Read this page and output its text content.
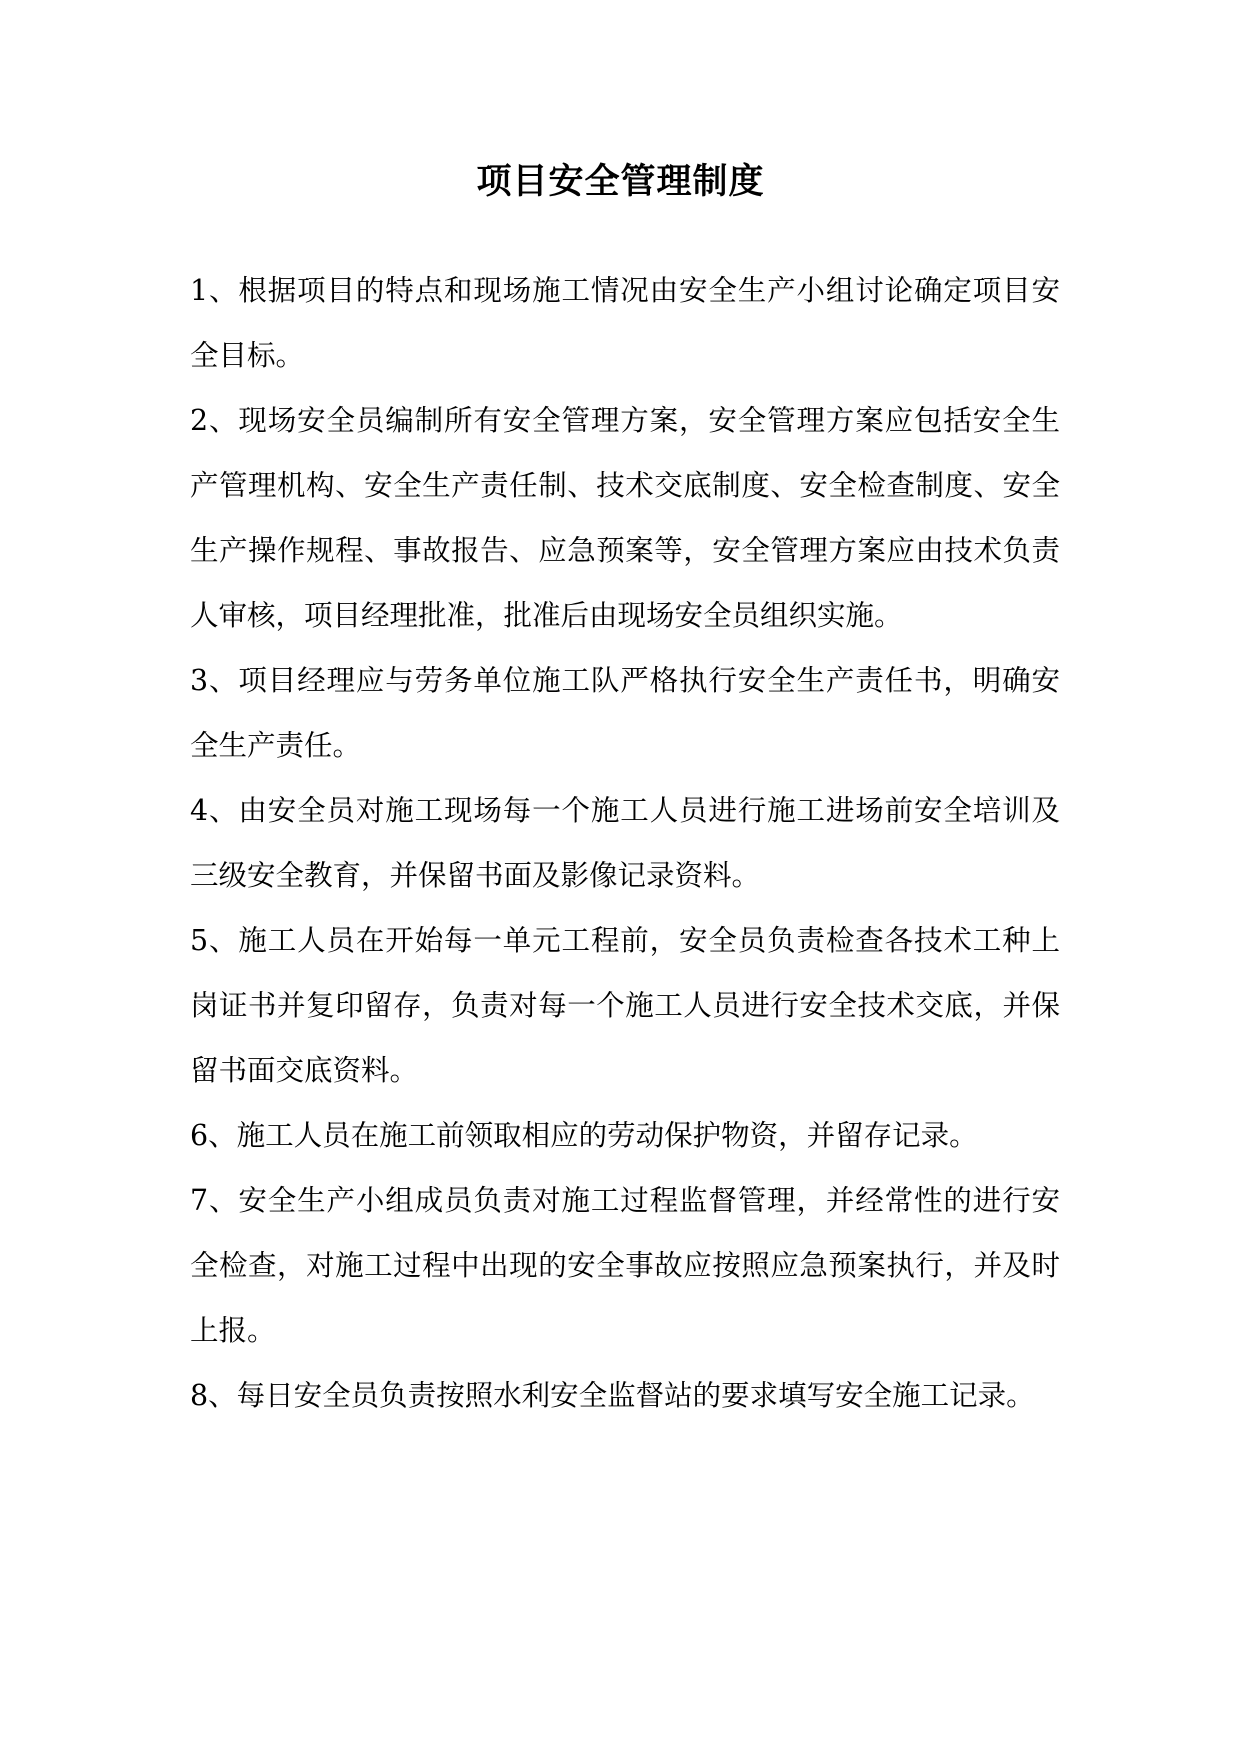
项目安全管理制度

1、根据项目的特点和现场施工情况由安全生产小组讨论确定项目安全目标。

2、现场安全员编制所有安全管理方案，安全管理方案应包括安全生产管理机构、安全生产责任制、技术交底制度、安全检查制度、安全生产操作规程、事故报告、应急预案等，安全管理方案应由技术负责人审核，项目经理批准，批准后由现场安全员组织实施。

3、项目经理应与劳务单位施工队严格执行安全生产责任书，明确安全生产责任。

4、由安全员对施工现场每一个施工人员进行施工进场前安全培训及三级安全教育，并保留书面及影像记录资料。

5、施工人员在开始每一单元工程前，安全员负责检查各技术工种上岗证书并复印留存，负责对每一个施工人员进行安全技术交底，并保留书面交底资料。

6、施工人员在施工前领取相应的劳动保护物资，并留存记录。

7、安全生产小组成员负责对施工过程监督管理，并经常性的进行安全检查，对施工过程中出现的安全事故应按照应急预案执行，并及时上报。

8、每日安全员负责按照水利安全监督站的要求填写安全施工记录。
